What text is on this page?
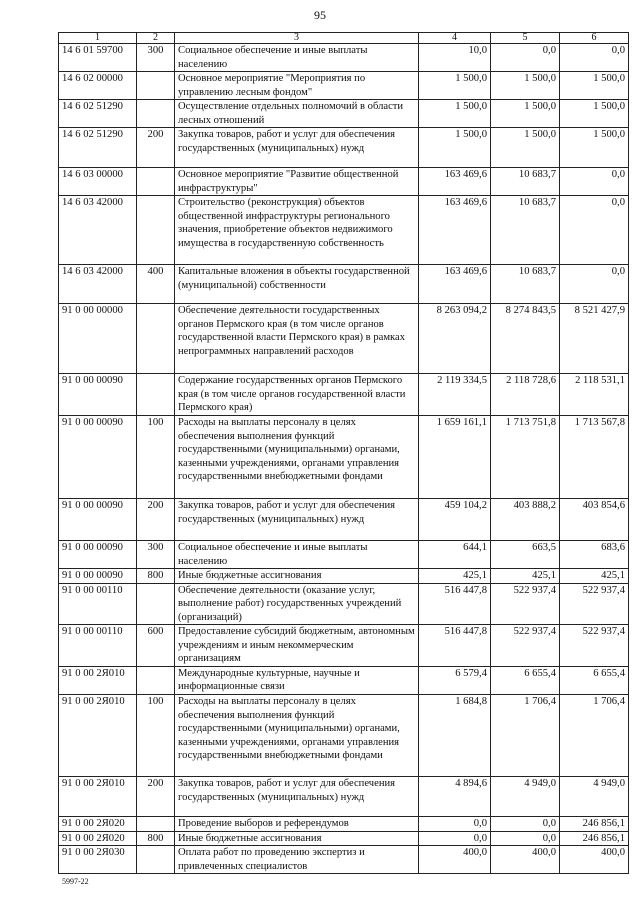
95
1	2	3	4	5	6
14 6 01 59700	300	Социальное обеспечение и иные выплаты населению	10,0	0,0	0,0
14 6 02 00000		Основное мероприятие "Мероприятия по управлению лесным фондом"	1 500,0	1 500,0	1 500,0
14 6 02 51290		Осуществление отдельных полномочий в области лесных отношений	1 500,0	1 500,0	1 500,0
14 6 02 51290	200	Закупка товаров, работ и услуг для обеспечения государственных (муниципальных) нужд	1 500,0	1 500,0	1 500,0
14 6 03 00000		Основное мероприятие "Развитие общественной инфраструктуры"	163 469,6	10 683,7	0,0
14 6 03 42000		Строительство (реконструкция) объектов общественной инфраструктуры регионального значения, приобретение объектов недвижимого имущества в государственную собственность	163 469,6	10 683,7	0,0
14 6 03 42000	400	Капитальные вложения в объекты государственной (муниципальной) собственности	163 469,6	10 683,7	0,0
91 0 00 00000		Обеспечение деятельности государственных органов Пермского края (в том числе органов государственной власти Пермского края) в рамках непрограммных направлений расходов	8 263 094,2	8 274 843,5	8 521 427,9
91 0 00 00090		Содержание государственных органов Пермского края (в том числе органов государственной власти Пермского края)	2 119 334,5	2 118 728,6	2 118 531,1
91 0 00 00090	100	Расходы на выплаты персоналу в целях обеспечения выполнения функций государственными (муниципальными) органами, казенными учреждениями, органами управления государственными внебюджетными фондами	1 659 161,1	1 713 751,8	1 713 567,8
91 0 00 00090	200	Закупка товаров, работ и услуг для обеспечения государственных (муниципальных) нужд	459 104,2	403 888,2	403 854,6
91 0 00 00090	300	Социальное обеспечение и иные выплаты населению	644,1	663,5	683,6
91 0 00 00090	800	Иные бюджетные ассигнования	425,1	425,1	425,1
91 0 00 00110		Обеспечение деятельности (оказание услуг, выполнение работ) государственных учреждений (организаций)	516 447,8	522 937,4	522 937,4
91 0 00 00110	600	Предоставление субсидий бюджетным, автономным учреждениям и иным некоммерческим организациям	516 447,8	522 937,4	522 937,4
91 0 00 2Я010		Международные культурные, научные и информационные связи	6 579,4	6 655,4	6 655,4
91 0 00 2Я010	100	Расходы на выплаты персоналу в целях обеспечения выполнения функций государственными (муниципальными) органами, казенными учреждениями, органами управления государственными внебюджетными фондами	1 684,8	1 706,4	1 706,4
91 0 00 2Я010	200	Закупка товаров, работ и услуг для обеспечения государственных (муниципальных) нужд	4 894,6	4 949,0	4 949,0
91 0 00 2Я020		Проведение выборов и референдумов	0,0	0,0	246 856,1
91 0 00 2Я020	800	Иные бюджетные ассигнования	0,0	0,0	246 856,1
91 0 00 2Я030		Оплата работ по проведению экспертиз и привлеченных специалистов	400,0	400,0	400,0
5997-22
